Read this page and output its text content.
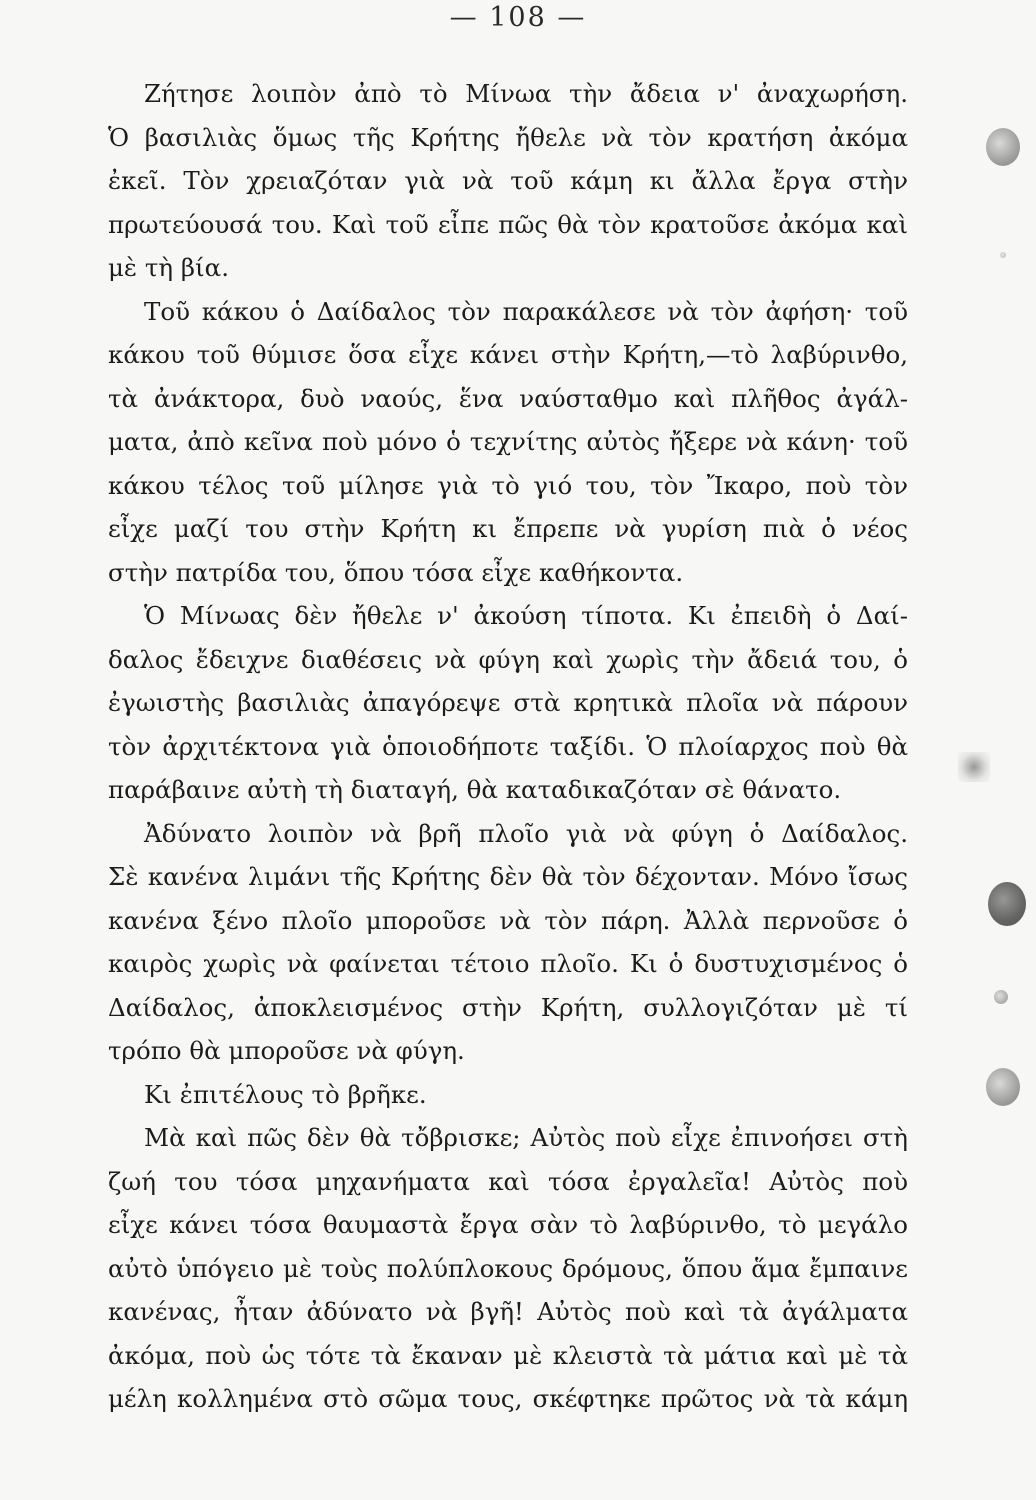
— 108 —
Ζήτησε λοιπὸν ἀπὸ τὸ Μίνωα τὴν ἄδεια ν' ἀναχωρήση.
Ὁ βασιλιὰς ὅμως τῆς Κρήτης ἤθελε νὰ τὸν κρατήση ἀκόμα
ἐκεῖ. Τὸν χρειαζόταν γιὰ νὰ τοῦ κάμη κι ἄλλα ἔργα στὴν
πρωτεύουσά του. Καὶ τοῦ εἶπε πῶς θὰ τὸν κρατοῦσε ἀκόμα καὶ
μὲ τὴ βία.
Τοῦ κάκου ὁ Δαίδαλος τὸν παρακάλεσε νὰ τὸν ἀφήση· τοῦ
κάκου τοῦ θύμισε ὅσα εἶχε κάνει στὴν Κρήτη,—τὸ λαβύρινθο,
τὰ ἀνάκτορα, δυὸ ναούς, ἕνα ναύσταθμο καὶ πλῆθος ἀγάλ-
ματα, ἀπὸ κεῖνα ποὺ μόνο ὁ τεχνίτης αὐτὸς ἤξερε νὰ κάνη· τοῦ
κάκου τέλος τοῦ μίλησε γιὰ τὸ γιό του, τὸν Ἴκαρο, ποὺ τὸν
εἶχε μαζί του στὴν Κρήτη κι ἔπρεπε νὰ γυρίση πιὰ ὁ νέος
στὴν πατρίδα του, ὅπου τόσα εἶχε καθήκοντα.
Ὁ Μίνωας δὲν ἤθελε ν' ἀκούση τίποτα. Κι ἐπειδὴ ὁ Δαί-
δαλος ἔδειχνε διαθέσεις νὰ φύγη καὶ χωρὶς τὴν ἄδειά του, ὁ
ἐγωιστὴς βασιλιὰς ἀπαγόρεψε στὰ κρητικὰ πλοῖα νὰ πάρουν
τὸν ἀρχιτέκτονα γιὰ ὁποιοδήποτε ταξίδι. Ὁ πλοίαρχος ποὺ θὰ
παράβαινε αὐτὴ τὴ διαταγή, θὰ καταδικαζόταν σὲ θάνατο.
Ἀδύνατο λοιπὸν νὰ βρῆ πλοῖο γιὰ νὰ φύγη ὁ Δαίδαλος.
Σὲ κανένα λιμάνι τῆς Κρήτης δὲν θὰ τὸν δέχονταν. Μόνο ἴσως
κανένα ξένο πλοῖο μποροῦσε νὰ τὸν πάρη. Ἀλλὰ περνοῦσε ὁ
καιρὸς χωρὶς νὰ φαίνεται τέτοιο πλοῖο. Κι ὁ δυστυχισμένος ὁ
Δαίδαλος, ἀποκλεισμένος στὴν Κρήτη, συλλογιζόταν μὲ τί
τρόπο θὰ μποροῦσε νὰ φύγη.
Κι ἐπιτέλους τὸ βρῆκε.
Μὰ καὶ πῶς δὲν θὰ τὄβρισκε; Αὐτὸς ποὺ εἶχε ἐπινοήσει στὴ
ζωή του τόσα μηχανήματα καὶ τόσα ἐργαλεῖα! Αὐτὸς ποὺ
εἶχε κάνει τόσα θαυμαστὰ ἔργα σὰν τὸ λαβύρινθο, τὸ μεγάλο
αὐτὸ ὑπόγειο μὲ τοὺς πολύπλοκους δρόμους, ὅπου ἅμα ἔμπαινε
κανένας, ἦταν ἀδύνατο νὰ βγῆ! Αὐτὸς ποὺ καὶ τὰ ἀγάλματα
ἀκόμα, ποὺ ὡς τότε τὰ ἔκαναν μὲ κλειστὰ τὰ μάτια καὶ μὲ τὰ
μέλη κολλημένα στὸ σῶμα τους, σκέφτηκε πρῶτος νὰ τὰ κάμη
